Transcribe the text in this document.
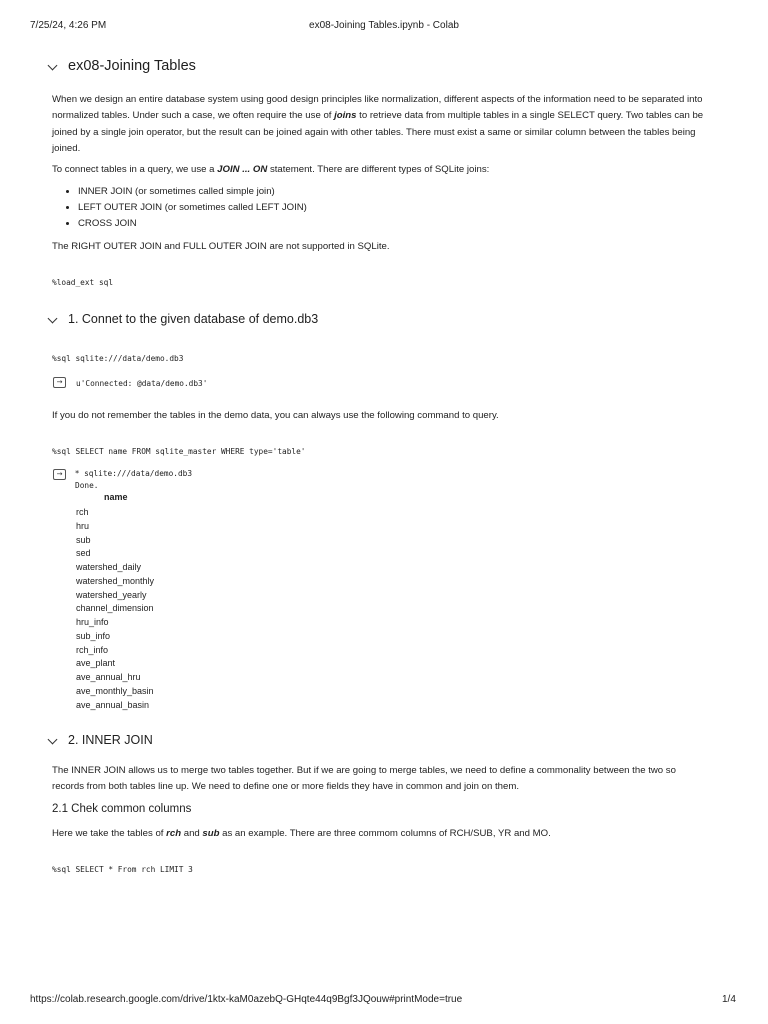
7/25/24, 4:26 PM	ex08-Joining Tables.ipynb - Colab
ex08-Joining Tables
When we design an entire database system using good design principles like normalization, different aspects of the information need to be separated into normalized tables. Under such a case, we often require the use of joins to retrieve data from multiple tables in a single SELECT query. Two tables can be joined by a single join operator, but the result can be joined again with other tables. There must exist a same or similar column between the tables being joined.
To connect tables in a query, we use a JOIN ... ON statement. There are different types of SQLite joins:
• INNER JOIN (or sometimes called simple join)
• LEFT OUTER JOIN (or sometimes called LEFT JOIN)
• CROSS JOIN
The RIGHT OUTER JOIN and FULL OUTER JOIN are not supported in SQLite.
%load_ext sql
1. Connet to the given database of demo.db3
%sql sqlite:///data/demo.db3
→	u'Connected: @data/demo.db3'
If you do not remember the tables in the demo data, you can always use the following command to query.
%sql SELECT name FROM sqlite_master WHERE type='table'
→ * sqlite:///data/demo.db3
Done.
name
rch
hru
sub
sed
watershed_daily
watershed_monthly
watershed_yearly
channel_dimension
hru_info
sub_info
rch_info
ave_plant
ave_annual_hru
ave_monthly_basin
ave_annual_basin
2. INNER JOIN
The INNER JOIN allows us to merge two tables together. But if we are going to merge tables, we need to define a commonality between the two so records from both tables line up. We need to define one or more fields they have in common and join on them.
2.1 Chek common columns
Here we take the tables of rch and sub as an example. There are three commom columns of RCH/SUB, YR and MO.
%sql SELECT * From rch LIMIT 3
https://colab.research.google.com/drive/1ktx-kaM0azebQ-GHqte44q9Bgf3JQouw#printMode=true	1/4
